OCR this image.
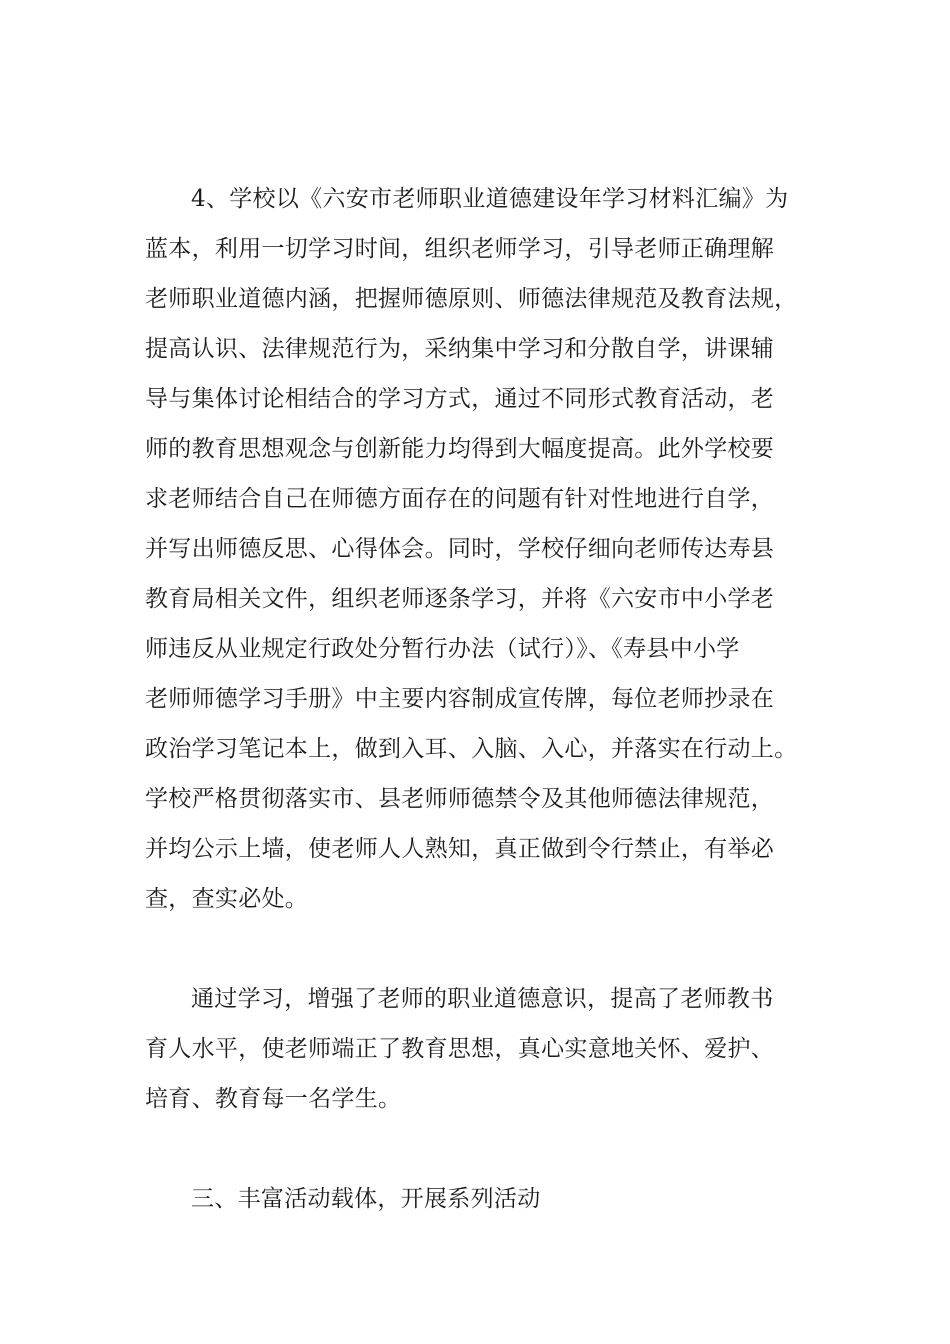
4、学校以《六安市老师职业道德建设年学习材料汇编》为
蓝本，利用一切学习时间，组织老师学习，引导老师正确理解
老师职业道德内涵，把握师德原则、师德法律规范及教育法规，
提高认识、法律规范行为，采纳集中学习和分散自学，讲课辅
导与集体讨论相结合的学习方式，通过不同形式教育活动，老
师的教育思想观念与创新能力均得到大幅度提高。此外学校要
求老师结合自己在师德方面存在的问题有针对性地进行自学，
并写出师德反思、心得体会。同时，学校仔细向老师传达寿县
教育局相关文件，组织老师逐条学习，并将《六安市中小学老
师违反从业规定行政处分暂行办法（试行）》、《寿县中小学
老师师德学习手册》中主要内容制成宣传牌，每位老师抄录在
政治学习笔记本上，做到入耳、入脑、入心，并落实在行动上。
学校严格贯彻落实市、县老师师德禁令及其他师德法律规范，
并均公示上墙，使老师人人熟知，真正做到令行禁止，有举必
查，查实必处。
通过学习，增强了老师的职业道德意识，提高了老师教书
育人水平，使老师端正了教育思想，真心实意地关怀、爱护、
培育、教育每一名学生。
三、丰富活动载体，开展系列活动
